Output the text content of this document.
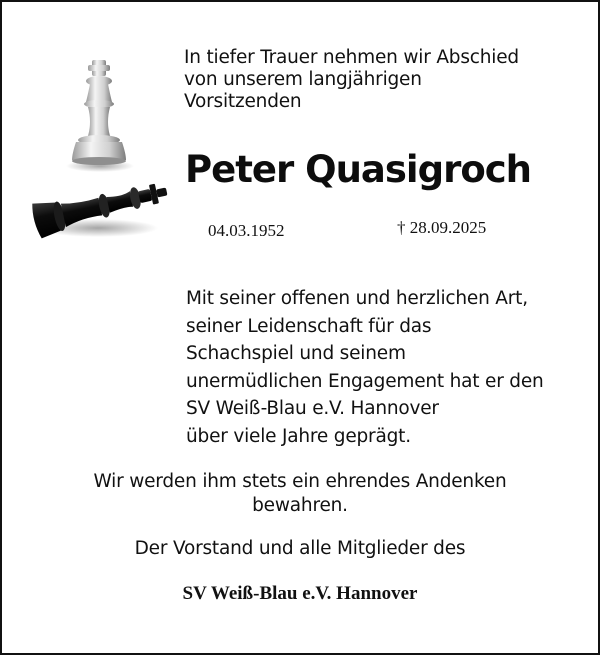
In tiefer Trauer nehmen wir Abschied
von unserem langjährigen
Vorsitzenden
Peter Quasigroch
04.03.1952	† 28.09.2025
Mit seiner offenen und herzlichen Art,
seiner Leidenschaft für das
Schachspiel und seinem
unermüdlichen Engagement hat er den
SV Weiß-Blau e.V. Hannover
über viele Jahre geprägt.
Wir werden ihm stets ein ehrendes Andenken
bewahren.
Der Vorstand und alle Mitglieder des
SV Weiß-Blau e.V. Hannover
